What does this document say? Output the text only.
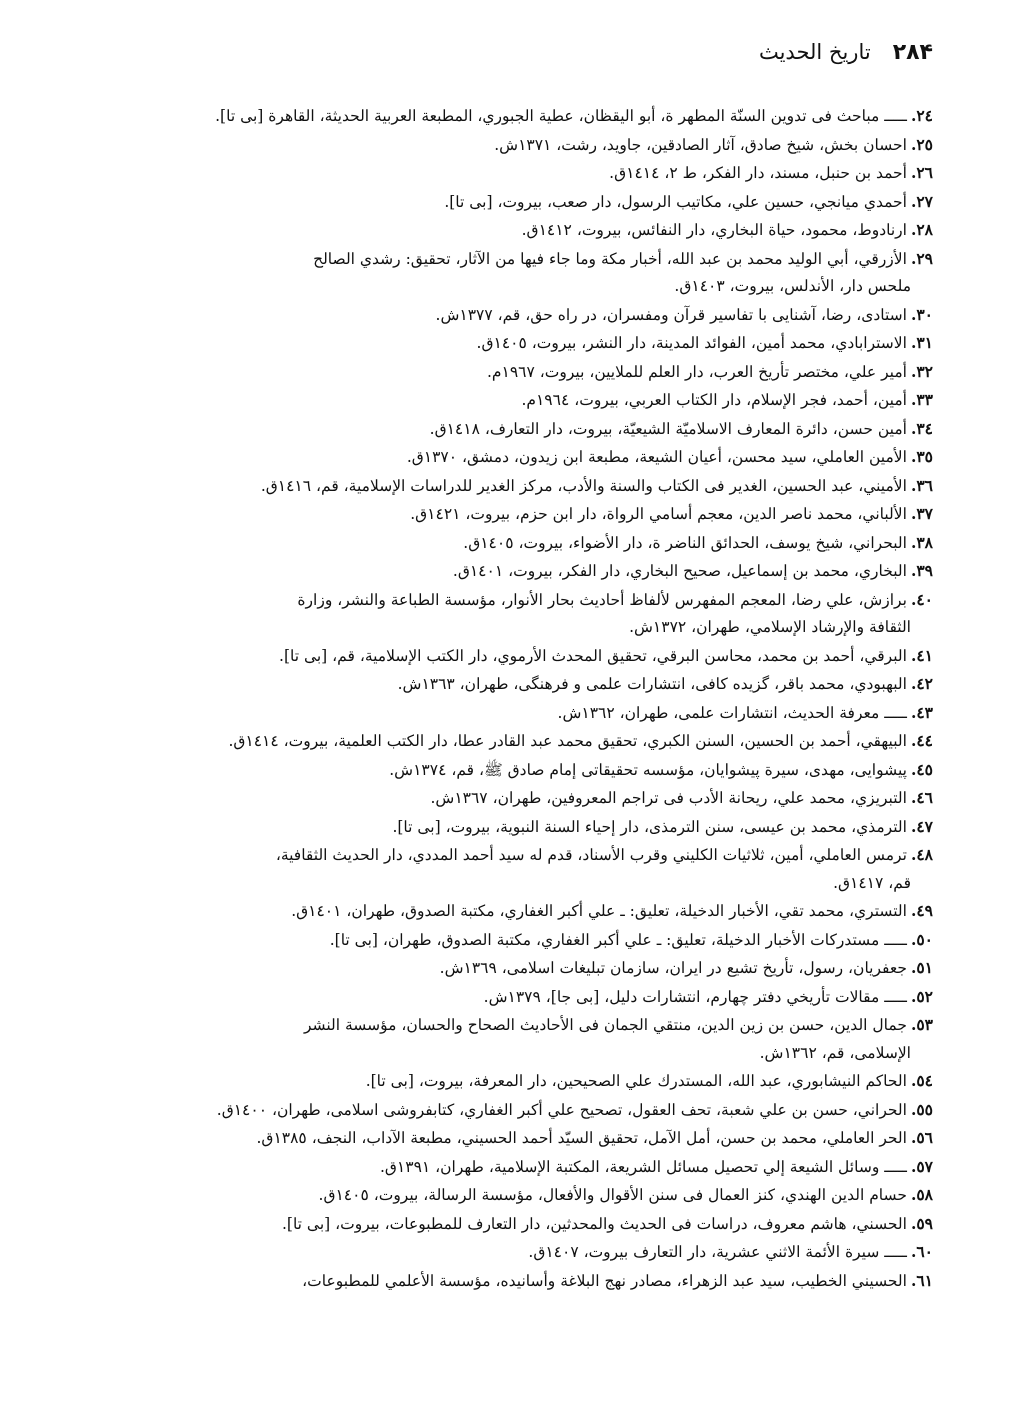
۲۸۴
تاريخ الحديث

٢٤.ـــــ مباحث فى تدوين السنّة المطهر ة، أبو اليقظان، عطية الجبوري، المطبعة العربية الحديثة، القاهرة [بى تا].

٢٥.احسان بخش، شيخ صادق، آثار الصادقين، جاويد، رشت، ١٣٧١ش.

٢٦.أحمد بن حنبل، مسند، دار الفكر، ط ٢، ١٤١٤ق.

٢٧.أحمدي ميانجي، حسين علي، مكاتيب الرسول، دار صعب، بيروت، [بى تا].

٢٨.ارنادوط، محمود، حياة البخاري، دار النفائس، بيروت، ١٤١٢ق.

٢٩.الأزرقي، أبي الوليد محمد بن عبد الله، أخبار مكة وما جاء فيها من الآثار، تحقيق: رشدي الصالح
ملحس دار، الأندلس، بيروت، ١٤٠٣ق.

٣٠.استادى، رضا، آشنايى با تفاسير قرآن ومفسران، در راه حق، قم، ١٣٧٧ش.

٣١.الاسترابادي، محمد أمين، الفوائد المدينة، دار النشر، بيروت، ١٤٠٥ق.

٣٢.أمير علي، مختصر تأريخ العرب، دار العلم للملايين، بيروت، ١٩٦٧م.

٣٣.أمين، أحمد، فجر الإسلام، دار الكتاب العربي، بيروت، ١٩٦٤م.

٣٤.أمين حسن، دائرة المعارف الاسلاميّة الشيعيّة، بيروت، دار التعارف، ١٤١٨ق.

٣٥.الأمين العاملي، سيد محسن، أعيان الشيعة، مطبعة ابن زيدون، دمشق، ١٣٧٠ق.

٣٦.الأميني، عبد الحسين، الغدير فى الكتاب والسنة والأدب، مركز الغدير للدراسات الإسلامية، قم، ١٤١٦ق.

٣٧.الألباني، محمد ناصر الدين، معجم أسامي الرواة، دار ابن حزم، بيروت، ١٤٢١ق.

٣٨.البحراني، شيخ يوسف، الحدائق الناضر ة، دار الأضواء، بيروت، ١٤٠٥ق.

٣٩.البخاري، محمد بن إسماعيل، صحيح البخاري، دار الفكر، بيروت، ١٤٠١ق.

٤٠.برازش، علي رضا، المعجم المفهرس لألفاظ أحاديث بحار الأنوار، مؤسسة الطباعة والنشر، وزارة
الثقافة والإرشاد الإسلامي، طهران، ١٣٧٢ش.

٤١.البرقي، أحمد بن محمد، محاسن البرقي، تحقيق المحدث الأرموي، دار الكتب الإسلامية، قم، [بى تا].

٤٢.البهبودي، محمد باقر، گزيده كافى، انتشارات علمى و فرهنگى، طهران، ١٣٦٣ش.

٤٣.ـــــ معرفة الحديث، انتشارات علمى، طهران، ١٣٦٢ش.

٤٤.البيهقي، أحمد بن الحسين، السنن الكبري، تحقيق محمد عبد القادر عطا، دار الكتب العلمية، بيروت، ١٤١٤ق.

٤٥.پيشوايى، مهدى، سيرة پيشوايان، مؤسسه تحقيقاتى إمام صادق ﷺ، قم، ١٣٧٤ش.

٤٦.التبريزي، محمد علي، ريحانة الأدب فى تراجم المعروفين، طهران، ١٣٦٧ش.

٤٧.الترمذي، محمد بن عيسى، سنن الترمذى، دار إحياء السنة النبوية، بيروت، [بى تا].

٤٨.ترمس العاملي، أمين، ثلاثيات الكليني وقرب الأسناد، قدم له سيد أحمد المددي، دار الحديث الثقافية،
قم، ١٤١٧ق.

٤٩.التستري، محمد تقي، الأخبار الدخيلة، تعليق: ـ علي أكبر الغفاري، مكتبة الصدوق، طهران، ١٤٠١ق.

٥٠.ـــــ مستدركات الأخبار الدخيلة، تعليق: ـ علي أكبر الغفاري، مكتبة الصدوق، طهران، [بى تا].

٥١.جعفريان، رسول، تأريخ تشيع در ايران، سازمان تبليغات اسلامى، ١٣٦٩ش.

٥٢.ـــــ مقالات تأريخي دفتر چهارم، انتشارات دليل، [بى جا]، ١٣٧٩ش.

٥٣.جمال الدين، حسن بن زين الدين، منتقي الجمان فى الأحاديث الصحاح والحسان، مؤسسة النشر
الإسلامى، قم، ١٣٦٢ش.

٥٤.الحاكم النيشابوري، عبد الله، المستدرك علي الصحيحين، دار المعرفة، بيروت، [بى تا].

٥٥.الحراني، حسن بن علي شعبة، تحف العقول، تصحيح علي أكبر الغفاري، كتابفروشى اسلامى، طهران، ١٤٠٠ق.

٥٦.الحر العاملي، محمد بن حسن، أمل الآمل، تحقيق السيّد أحمد الحسيني، مطبعة الآداب، النجف، ١٣٨٥ق.

٥٧.ـــــ وسائل الشيعة إلي تحصيل مسائل الشريعة، المكتبة الإسلامية، طهران، ١٣٩١ق.

٥٨.حسام الدين الهندي، كنز العمال فى سنن الأقوال والأفعال، مؤسسة الرسالة، بيروت، ١٤٠٥ق.

٥٩.الحسني، هاشم معروف، دراسات فى الحديث والمحدثين، دار التعارف للمطبوعات، بيروت، [بى تا].

٦٠.ـــــ سيرة الأئمة الاثني عشرية، دار التعارف بيروت، ١٤٠٧ق.

٦١.الحسيني الخطيب، سيد عبد الزهراء، مصادر نهج البلاغة وأسانيده، مؤسسة الأعلمي للمطبوعات،
